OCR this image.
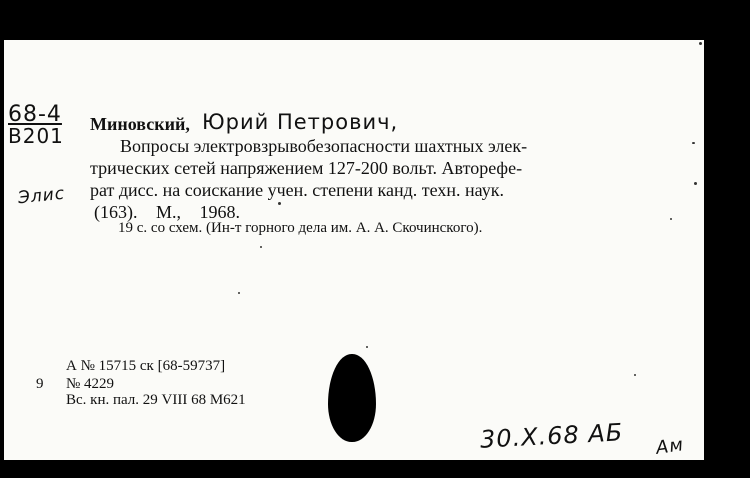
68-4
B201
Элис
Миновский, Юрий Петрович,
Вопросы электровзрывобезопасности шахтных элек-
трических сетей напряжением 127-200 вольт. Авторефе-
рат дисс. на соискание учен. степени канд. техн. наук.
(163). М., 1968.
19 с. со схем. (Ин-т горного дела им. А. А. Скочинского).
А № 15715 ск [68-59737]
9 № 4229
Вс. кн. пал. 29 VIII 68 М621
30.X.68 АБ Ам
